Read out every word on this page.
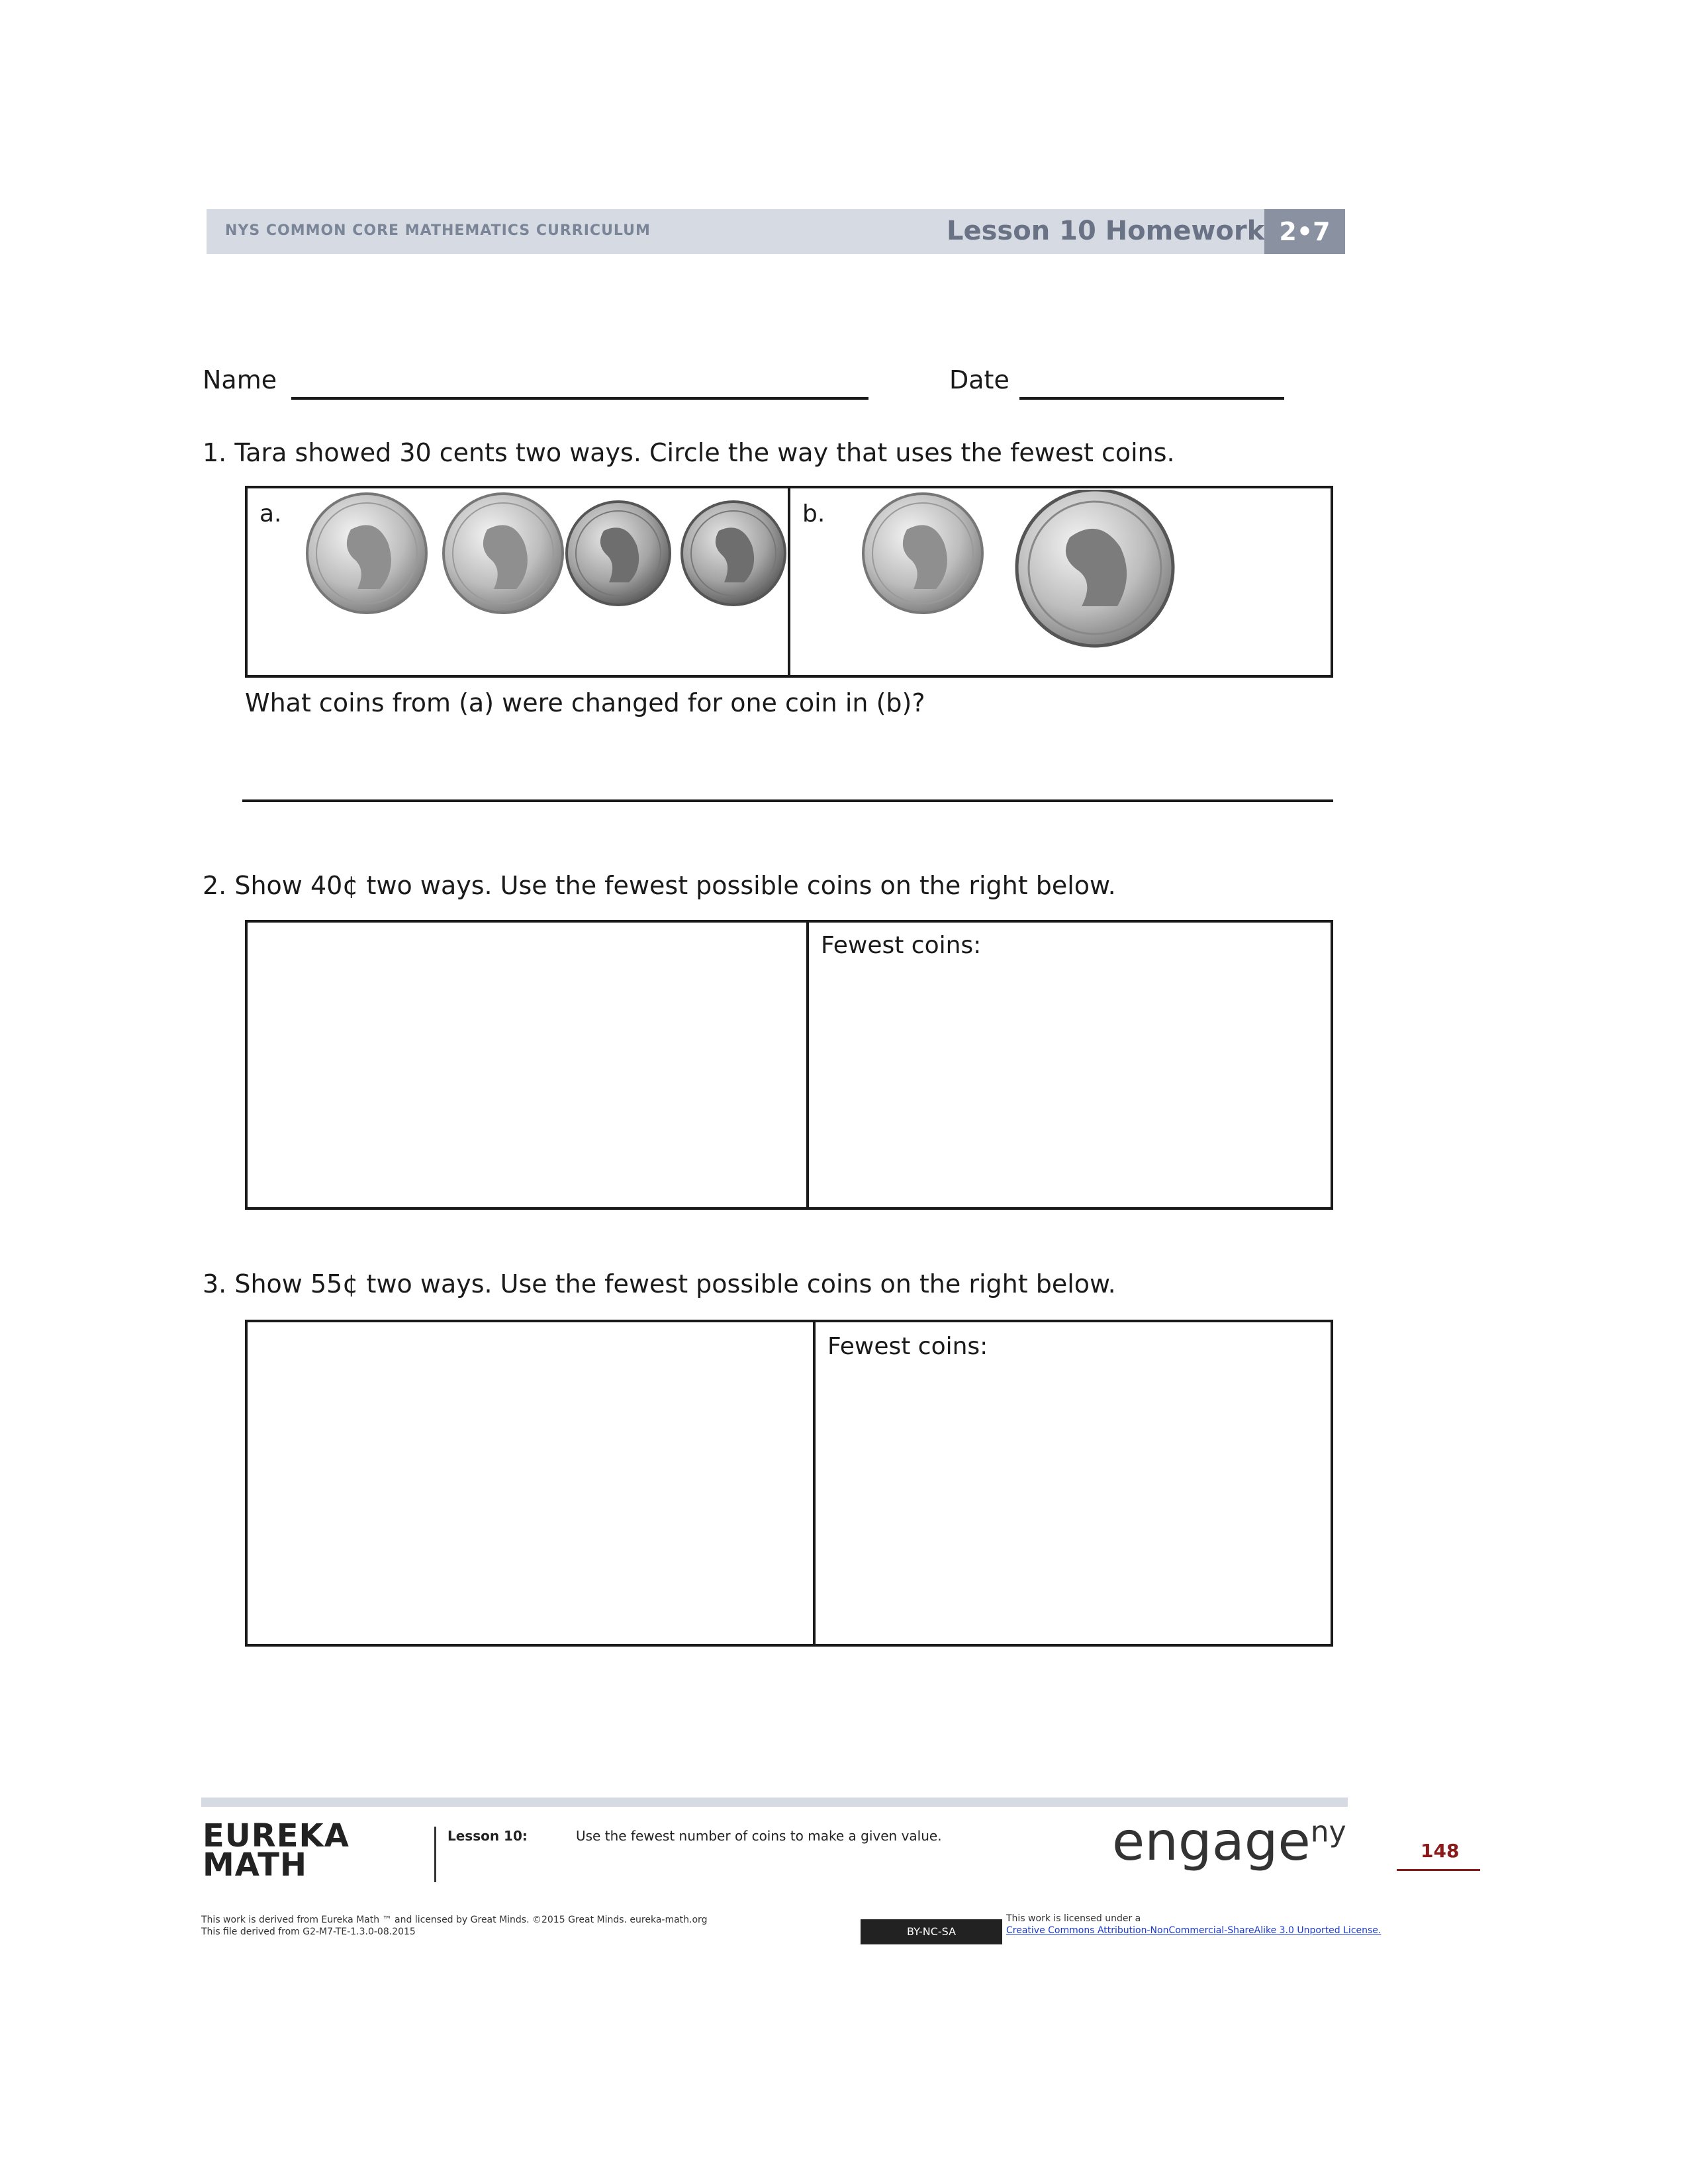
NYS COMMON CORE MATHEMATICS CURRICULUM	Lesson 10 Homework 2•7
Name	Date
1. Tara showed 30 cents two ways. Circle the way that uses the fewest coins.
a.	b.
What coins from (a) were changed for one coin in (b)?
2. Show 40¢ two ways. Use the fewest possible coins on the right below.
Fewest coins:
3. Show 55¢ two ways. Use the fewest possible coins on the right below.
Fewest coins:
EUREKA
MATH
Lesson 10:	Use the fewest number of coins to make a given value.	engage$^{ny}$
148
This work is derived from Eureka Math ™ and licensed by Great Minds. ©2015 Great Minds. eureka-math.org
This file derived from G2-M7-TE-1.3.0-08.2015	BY-NC-SA
This work is licensed under a
Creative Commons Attribution-NonCommercial-ShareAlike 3.0 Unported License.
